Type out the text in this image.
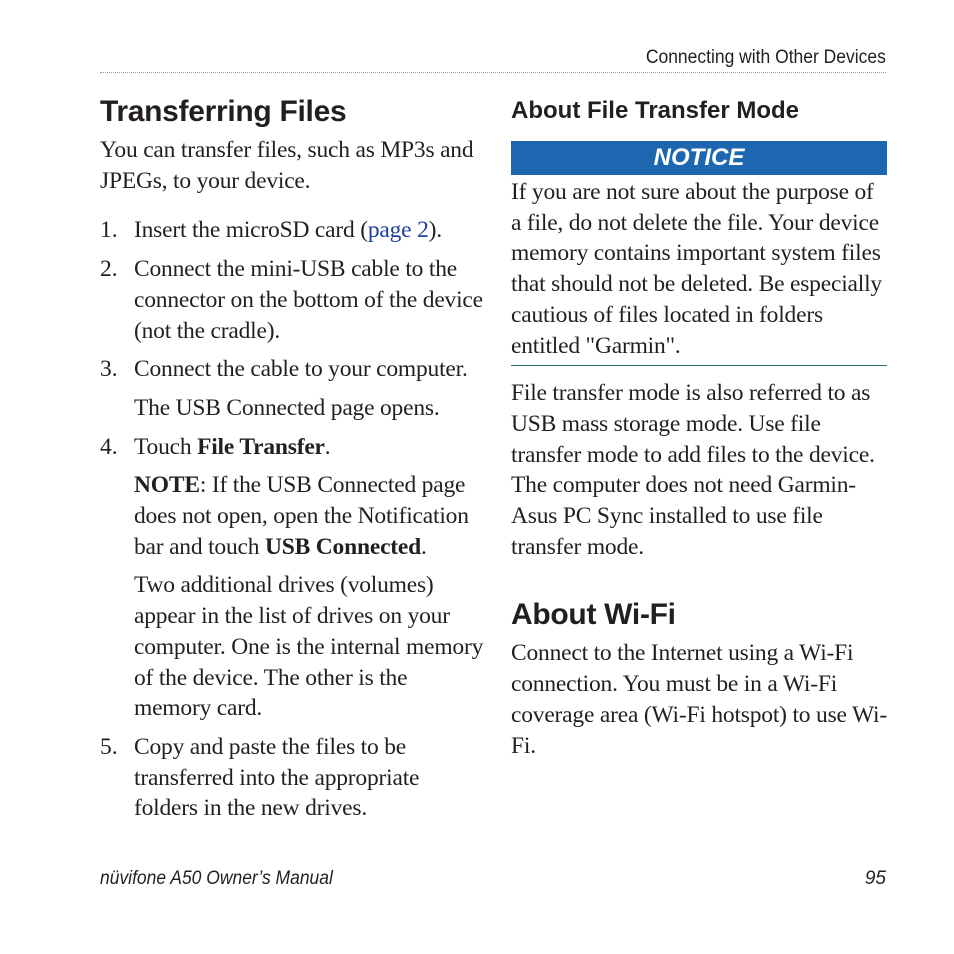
Connecting with Other Devices
Transferring Files

You can transfer files, such as MP3s and JPEGs, to your device.

1. Insert the microSD card (page 2).

2. Connect the mini-USB cable to the connector on the bottom of the device (not the cradle).

3. Connect the cable to your computer.

The USB Connected page opens.

4. Touch File Transfer.

NOTE: If the USB Connected page does not open, open the Notification bar and touch USB Connected.

Two additional drives (volumes) appear in the list of drives on your computer. One is the internal memory of the device. The other is the memory card.

5. Copy and paste the files to be transferred into the appropriate folders in the new drives.

About File Transfer Mode
NOTICE

If you are not sure about the purpose of a file, do not delete the file. Your device memory contains important system files that should not be deleted. Be especially cautious of files located in folders entitled "Garmin".

File transfer mode is also referred to as USB mass storage mode. Use file transfer mode to add files to the device. The computer does not need Garmin-Asus PC Sync installed to use file transfer mode.

About Wi-Fi

Connect to the Internet using a Wi-Fi connection. You must be in a Wi-Fi coverage area (Wi-Fi hotspot) to use Wi-Fi.

nüvifone A50 Owner’s Manual	95
